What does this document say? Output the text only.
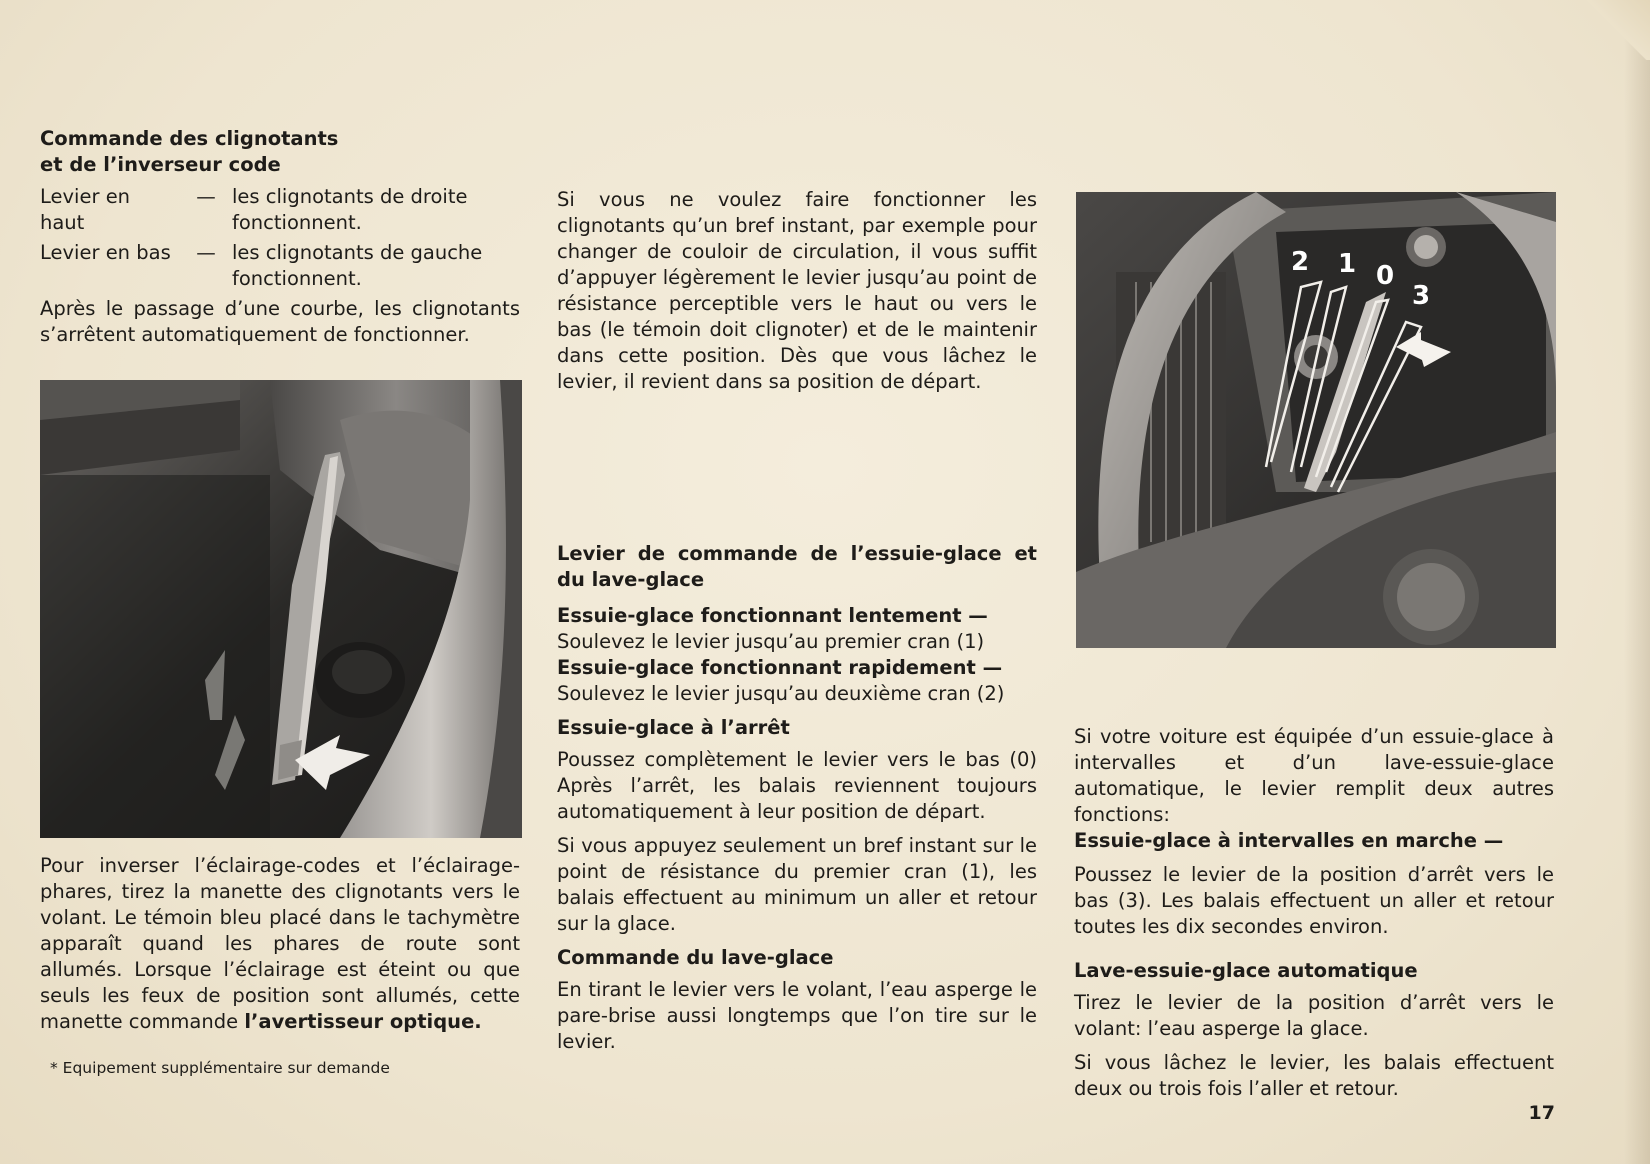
Commande des clignotants et de l’inverseur code
Levier en haut
— les clignotants de droite fonctionnent.
Levier en bas	— les clignotants de gauche fonctionnent.

Après le passage d’une courbe, les clignotants s’arrêtent automatiquement de fonctionner.

Pour inverser l’éclairage-codes et l’éclairage-phares, tirez la manette des clignotants vers le volant. Le témoin bleu placé dans le tachymètre apparaît quand les phares de route sont allumés. Lorsque l’éclairage est éteint ou que seuls les feux de position sont allumés, cette manette commande l’avertisseur optique.

* Equipement supplémentaire sur demande

Si vous ne voulez faire fonctionner les clignotants qu’un bref instant, par exemple pour changer de couloir de circulation, il vous suffit d’appuyer légèrement le levier jusqu’au point de résistance perceptible vers le haut ou vers le bas (le témoin doit clignoter) et de le maintenir dans cette position. Dès que vous lâchez le levier, il revient dans sa position de départ.

Levier de commande de l’essuie-glace et du lave-glace

Essuie-glace fonctionnant lentement —
Soulevez le levier jusqu’au premier cran (1)
Essuie-glace fonctionnant rapidement —
Soulevez le levier jusqu’au deuxième cran (2)
Essuie-glace à l’arrêt

Poussez complètement le levier vers le bas (0) Après l’arrêt, les balais reviennent toujours automatiquement à leur position de départ.

Si vous appuyez seulement un bref instant sur le point de résistance du premier cran (1), les balais effectuent au minimum un aller et retour sur la glace.

Commande du lave-glace

En tirant le levier vers le volant, l’eau asperge le pare-brise aussi longtemps que l’on tire sur le levier.

2 1 0
3
Si votre voiture est équipée d’un essuie-glace à intervalles et d’un lave-essuie-glace automatique, le levier remplit deux autres fonctions:
Essuie-glace à intervalles en marche —

Poussez le levier de la position d’arrêt vers le bas (3). Les balais effectuent un aller et retour toutes les dix secondes environ.

Lave-essuie-glace automatique

Tirez le levier de la position d’arrêt vers le volant: l’eau asperge la glace.

Si vous lâchez le levier, les balais effectuent deux ou trois fois l’aller et retour.

17
